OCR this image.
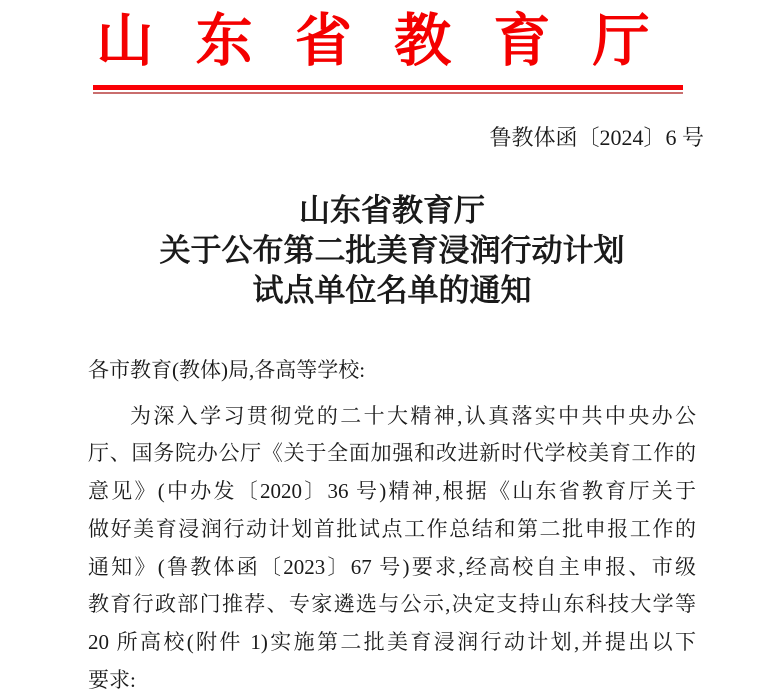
山 东 省 教 育 厅
鲁教体函〔2024〕6 号
山东省教育厅
关于公布第二批美育浸润行动计划
试点单位名单的通知
各市教育(教体)局,各高等学校:
为深入学习贯彻党的二十大精神,认真落实中共中央办公
厅、国务院办公厅《关于全面加强和改进新时代学校美育工作的
意见》(中办发〔2020〕36 号)精神,根据《山东省教育厅关于
做好美育浸润行动计划首批试点工作总结和第二批申报工作的
通知》(鲁教体函〔2023〕67 号)要求,经高校自主申报、市级
教育行政部门推荐、专家遴选与公示,决定支持山东科技大学等
20 所高校(附件 1)实施第二批美育浸润行动计划,并提出以下
要求:
